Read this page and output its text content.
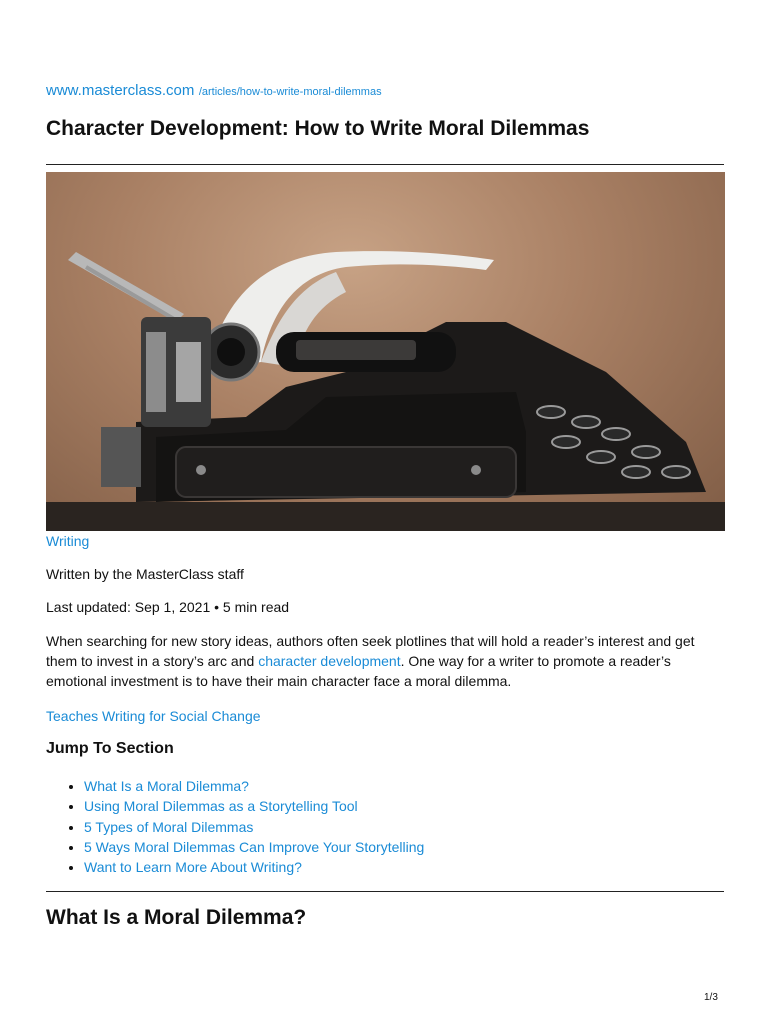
www.masterclass.com /articles/how-to-write-moral-dilemmas
Character Development: How to Write Moral Dilemmas
Writing

Written by the MasterClass staff

Last updated: Sep 1, 2021 • 5 min read

When searching for new story ideas, authors often seek plotlines that will hold a reader’s interest and get them to invest in a story’s arc and character development. One way for a writer to promote a reader’s emotional investment is to have their main character face a moral dilemma.

Teaches Writing for Social Change
Jump To Section
• What Is a Moral Dilemma?
• Using Moral Dilemmas as a Storytelling Tool
• 5 Types of Moral Dilemmas
• 5 Ways Moral Dilemmas Can Improve Your Storytelling
• Want to Learn More About Writing?
What Is a Moral Dilemma?
1/3
